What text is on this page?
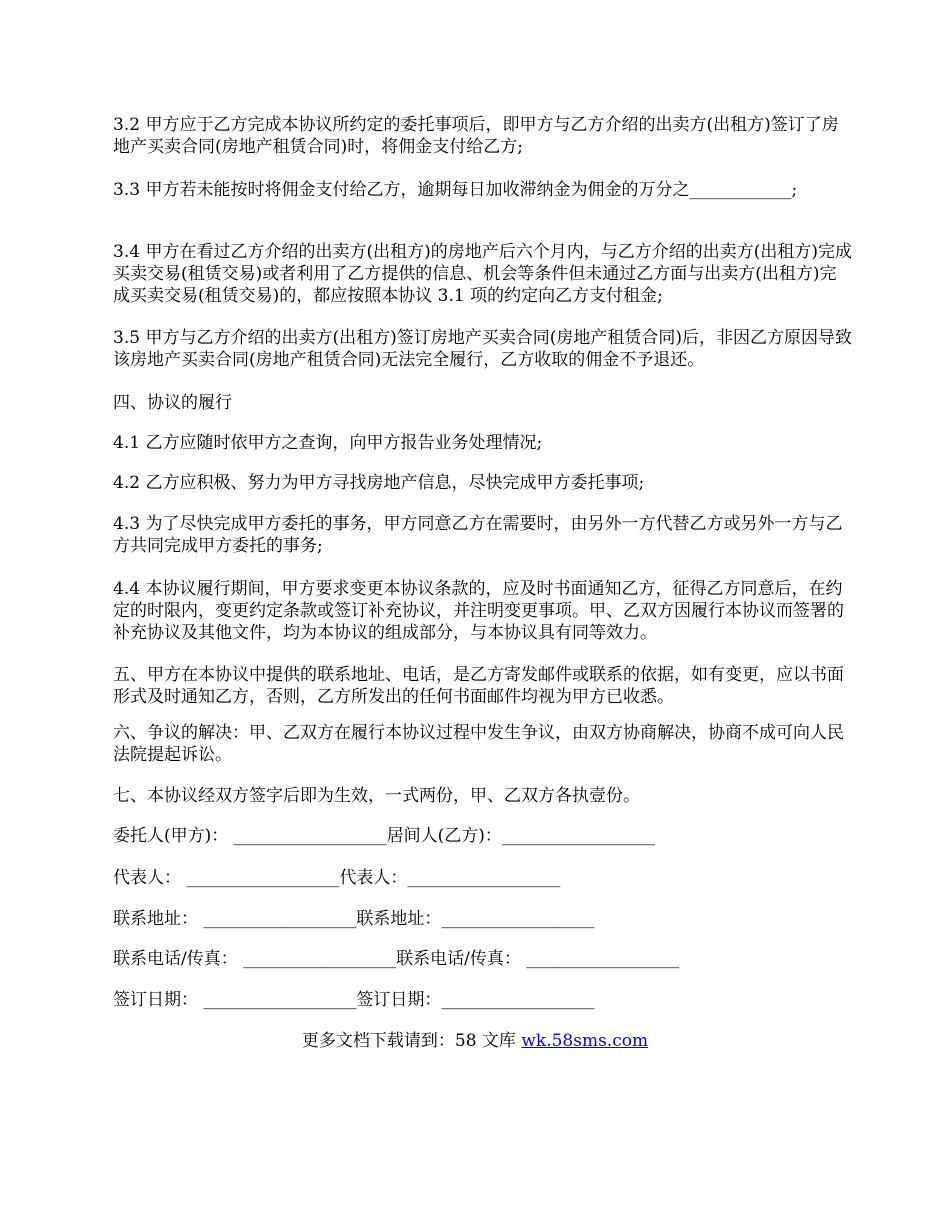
3.2 甲方应于乙方完成本协议所约定的委托事项后，即甲方与乙方介绍的出卖方(出租方)签订了房地产买卖合同(房地产租赁合同)时，将佣金支付给乙方;
3.3 甲方若未能按时将佣金支付给乙方，逾期每日加收滞纳金为佣金的万分之____________;
3.4 甲方在看过乙方介绍的出卖方(出租方)的房地产后六个月内，与乙方介绍的出卖方(出租方)完成买卖交易(租赁交易)或者利用了乙方提供的信息、机会等条件但未通过乙方面与出卖方(出租方)完成买卖交易(租赁交易)的，都应按照本协议 3.1 项的约定向乙方支付租金;
3.5 甲方与乙方介绍的出卖方(出租方)签订房地产买卖合同(房地产租赁合同)后，非因乙方原因导致该房地产买卖合同(房地产租赁合同)无法完全履行，乙方收取的佣金不予退还。
四、协议的履行
4.1 乙方应随时依甲方之查询，向甲方报告业务处理情况;
4.2 乙方应积极、努力为甲方寻找房地产信息，尽快完成甲方委托事项;
4.3 为了尽快完成甲方委托的事务，甲方同意乙方在需要时，由另外一方代替乙方或另外一方与乙方共同完成甲方委托的事务;
4.4 本协议履行期间，甲方要求变更本协议条款的，应及时书面通知乙方，征得乙方同意后，在约定的时限内，变更约定条款或签订补充协议，并注明变更事项。甲、乙双方因履行本协议而签署的补充协议及其他文件，均为本协议的组成部分，与本协议具有同等效力。
五、甲方在本协议中提供的联系地址、电话，是乙方寄发邮件或联系的依据，如有变更，应以书面形式及时通知乙方，否则，乙方所发出的任何书面邮件均视为甲方已收悉。
六、争议的解决：甲、乙双方在履行本协议过程中发生争议，由双方协商解决，协商不成可向人民法院提起诉讼。
七、本协议经双方签字后即为生效，一式两份，甲、乙双方各执壹份。
委托人(甲方)： __________________居间人(乙方)：__________________
代表人： __________________代表人：__________________
联系地址： __________________联系地址：__________________
联系电话/传真： __________________联系电话/传真： __________________
签订日期： __________________签订日期：__________________
更多文档下载请到：58 文库 wk.58sms.com
